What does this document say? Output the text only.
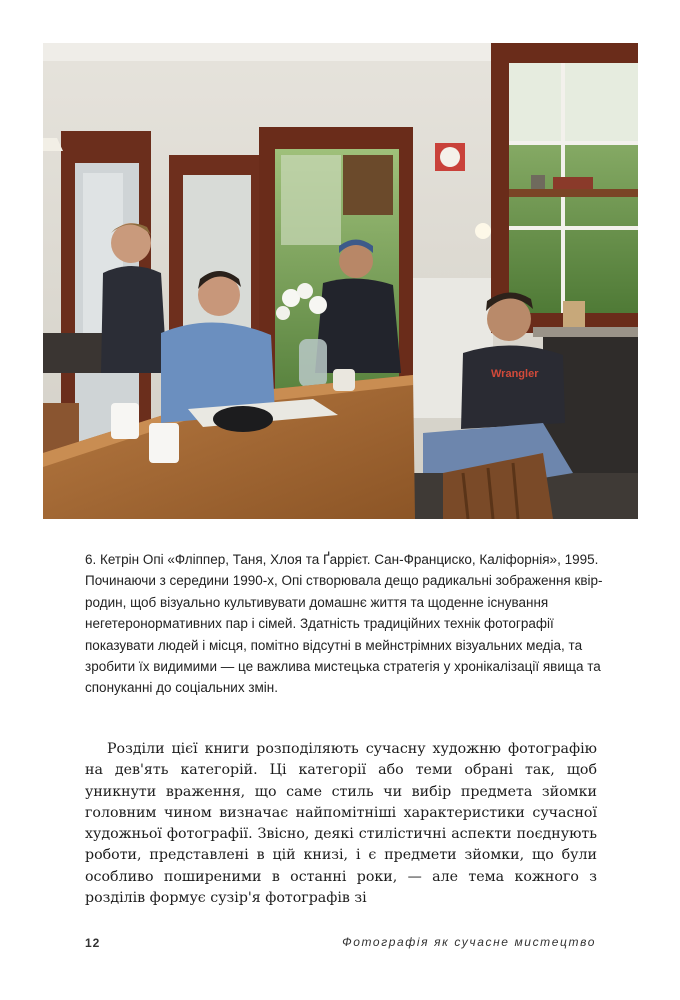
Wrangler

6. Кетрін Опі «Фліппер, Таня, Хлоя та Ґаррієт. Сан-Франциско, Каліфорнія», 1995. Починаючи з середини 1990-х, Опі створювала дещо радикальні зображення квір-родин, щоб візуально культивувати домашнє життя та щоденне існування негетеронормативних пар і сімей. Здатність традиційних технік фотографії показувати людей і місця, помітно відсутні в мейнстрімних візуальних медіа, та зробити їх видимими — це важлива мистецька стратегія у хронікалізації явища та спонуканні до соціальних змін.

Розділи цієї книги розподіляють сучасну художню фотографію на дев'ять категорій. Ці категорії або теми обрані так, щоб уникнути враження, що саме стиль чи вибір предмета зйомки головним чином визначає найпомітніші характеристики сучасної художньої фотографії. Звісно, деякі стилістичні аспекти поєднують роботи, представлені в цій книзі, і є предмети зйомки, що були особливо поширеними в останні роки, — але тема кожного з розділів формує сузір'я фотографів зі

12	Фотографія як сучасне мистецтво
